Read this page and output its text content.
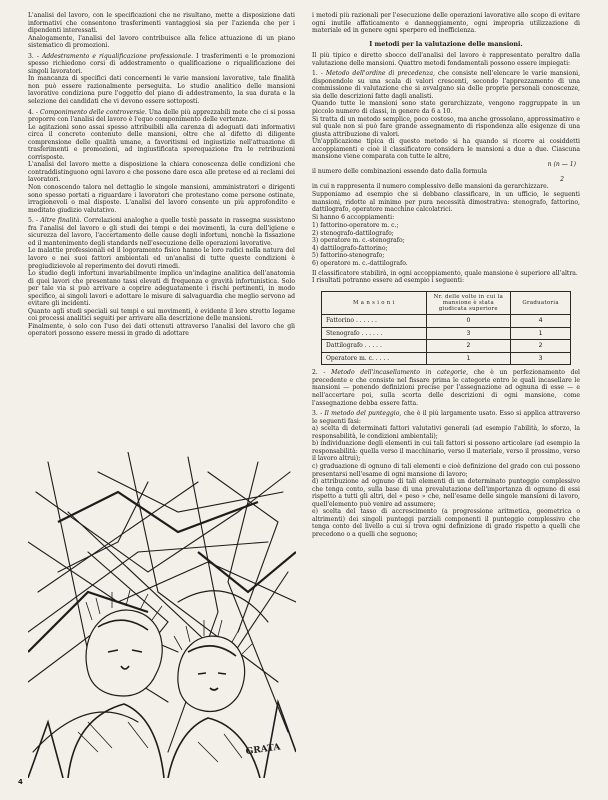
L'analisi del lavoro, con le specificazioni che ne risultano, mette a disposizione dati informativi che consentono trasferimenti vantaggiosi sia per l'azienda che per i dipendenti interessati.

Analogamente, l'analisi del lavoro contribuisce alla felice attuazione di un piano sistematico di promozioni.

3. - Addestramento e riqualificazione professionale. I trasferimenti e le promozioni spesso richiedono corsi di addestramento o qualificazione o riqualificazione dei singoli lavoratori.

In mancanza di specifici dati concernenti le varie mansioni lavorative, tale finalità non può essere razionalmente perseguita. Lo studio analitico delle mansioni lavorative condiziona pure l'oggetto del piano di addestramento, la sua durata e la selezione dei candidati che vi devono essere sottoposti.

4. - Componimento delle controversie. Una delle più apprezzabili mete che ci si possa proporre con l'analisi del lavoro è l'equo componimento delle vertenze.

Le agitazioni sono assai spesso attribuibili alla carenza di adeguati dati informativi circa il concreto contenuto delle mansioni, oltre che al difetto di diligente comprensione delle qualità umane, a favoritismi ed ingiustizie nell'attuazione di trasferimenti e promozioni, ad ingiustificata sperequazione fra le retribuzioni corrisposte.

L'analisi del lavoro mette a disposizione la chiara conoscenza delle condizioni che contraddistinguono ogni lavoro e che possono dare esca alle pretese ed ai reclami dei lavoratori.

Non conoscendo talora nel dettaglio le singole mansioni, amministratori e dirigenti sono spesso portati a riguardare i lavoratori che protestano come persone ostinate, irragionevoli o mal disposte. L'analisi del lavoro consente un più approfondito e meditato giudizio valutativo.

5. - Altre finalità. Correlazioni analoghe a quelle testè passate in rassegna sussistono fra l'analisi del lavoro e gli studi dei tempi e dei movimenti, la cura dell'igiene e sicurezza del lavoro, l'accertamento delle cause degli infortuni, nonchè la fissazione ed il mantenimento degli standards nell'esecuzione delle operazioni lavorative.

Le malattie professionali ed il logoramento fisico hanno le loro radici nella natura del lavoro e nei suoi fattori ambientali ed un'analisi di tutte queste condizioni è pregiudizievole al reperimento dei dovuti rimedi.

Lo studio degli infortuni invariabilmente implica un'indagine analitica dell'anatomia di quei lavori che presentano tassi elevati di frequenza e gravità infortunistica. Solo per tale via si può arrivare a coprire adeguatamente i rischi pertinenti, in modo specifico, ai singoli lavori e adottare le misure di salvaguardia che meglio servono ad evitare gli incidenti.

Quanto agli studi speciali sui tempi e sui movimenti, è evidente il loro stretto legame coi processi analitici seguiti per arrivare alla descrizione delle mansioni.

Finalmente, è solo con l'uso dei dati ottenuti attraverso l'analisi del lavoro che gli operatori possono essere messi in grado di adottare

GRATA

i metodi più razionali per l'esecuzione delle operazioni lavorative allo scopo di evitare ogni inutile affaticamento e danneggiamento, ogni impropria utilizzazione di materiale ed in genere ogni sperpero ed inefficienza.

I metodi per la valutazione delle mansioni.

Il più tipico e diretto sbocco dell'analisi del lavoro è rappresentato peraltro dalla valutazione delle mansioni. Quattro metodi fondamentali possono essere impiegati:

1. - Metodo dell'ordine di precedenza, che consiste nell'elencare le varie mansioni, disponendole su una scala di valori crescenti, secondo l'apprezzamento di una commissione di valutazione che si avvalgano sia delle proprie personali conoscenze, sia delle descrizioni fatte dagli analisti.

Quando tutte le mansioni sono state gerarchizzate, vengono raggruppate in un piccolo numero di classi, in genere da 6 a 10.

Si tratta di un metodo semplice, poco costoso, ma anche grossolano, approssimativo e sul quale non si può fare grande assegnamento di rispondenza alle esigenze di una giusta attribuzione di valori.

Un'applicazione tipica di questo metodo si ha quando si ricorre ai cosiddetti accoppiamenti e cioè il classificatore considera le mansioni a due a due. Ciascuna mansione viene comparata con tutte le altre,

n (n — 1)

il numero delle combinazioni essendo dato dalla formula

2

in cui n rappresenta il numero complessivo delle mansioni da gerarchizzare.

Supponiamo ad esempio che si debbano classificare, in un ufficio, le seguenti mansioni, ridotte al minimo per pura necessità dimostrativa: stenografo, fattorino, dattilografo, operatore macchine calcolatrici.

Si hanno 6 accoppiamenti:

1) fattorino-operatore m. c.;
2) stenografo-dattilografo;
3) operatore m. c.-stenografo;
4) dattilografo-fattorino;
5) fattorino-stenografo;
6) operatore m. c.-dattilografo.

Il classificatore stabilirà, in ogni accoppiamento, quale mansione è superiore all'altra.

I risultati potranno essere ad esempio i seguenti:

M a n s i o n i	Nr. delle volte in cui la mansione è stata giudicata superiore	Graduatoria
Fattorino . . . . . .	0	4
Stenografo . . . . . .	3	1
Dattilografo . . . . .	2	2
Operatore m. c. . . . .	1	3

2. - Metodo dell'incasellamento in categorie, che è un perfezionamento del precedente e che consiste nel fissare prima le categorie entro le quali incasellare le mansioni — ponendo definizioni precise per l'assegnazione ad ognuna di esse — e nell'accertare poi, sulla scorta delle descrizioni di ogni mansione, come l'assegnazione debba essere fatta.

3. - Il metodo del punteggio, che è il più largamente usato. Esso si applica attraverso le seguenti fasi:

a) scelta di determinati fattori valutativi generali (ad esempio l'abilità, lo sforzo, la responsabilità, le condizioni ambientali);

b) individuazione degli elementi in cui tali fattori si possono articolare (ad esempio la responsabilità: quella verso il macchinario, verso il materiale, verso il prossimo, verso il lavoro altrui);

c) graduazione di ognuno di tali elementi e cioè definizione del grado con cui possono presentarsi nell'esame di ogni mansione di lavoro;

d) attribuzione ad ognuno di tali elementi di un determinato punteggio complessivo che tenga conto, sulla base di una prevalutazione dell'importanza di ognuno di essi rispetto a tutti gli altri, del « peso » che, nell'esame delle singole mansioni di lavoro, quell'elemento può venire ad assumere;

e) scelta del tasso di accrescimento (a progressione aritmetica, geometrica o altrimenti) dei singoli punteggi parziali componenti il punteggio complessivo che tenga conto del livello a cui si trova ogni definizione di grado rispetto a quelli che precedono o a quelli che seguono;

4
